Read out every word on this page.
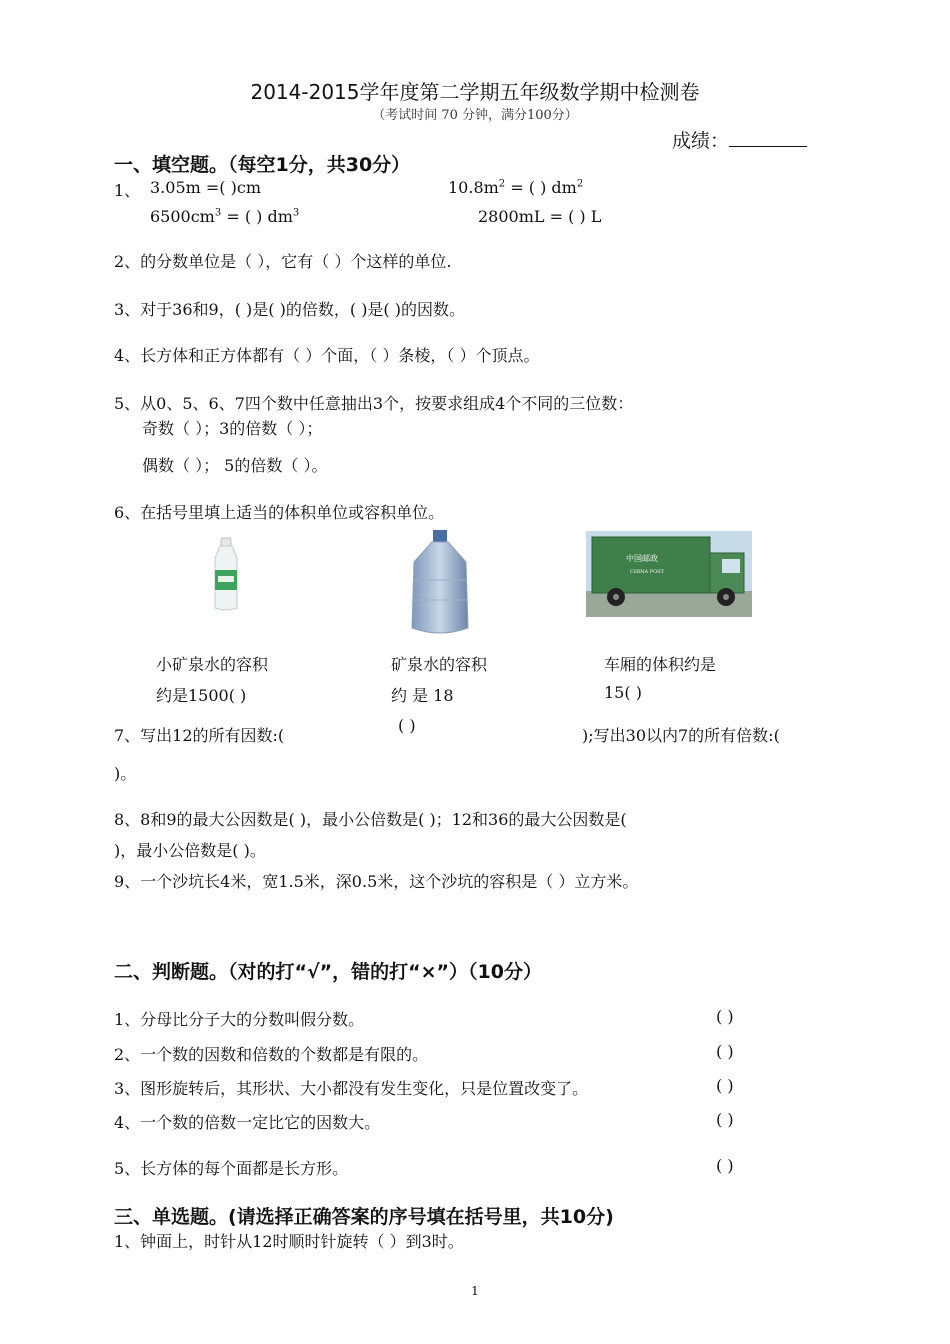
2014-2015学年度第二学期五年级数学期中检测卷
（考试时间 70 分钟，满分100分）
成绩：
一、填空题。（每空1分，共30分）
1、 3.05m =( )cm	$10.8m^2$ = ( ) $dm^2$
$6500cm^3$ = ( ) $dm^3$	2800mL = ( ) L
2、的分数单位是（ ），它有（ ）个这样的单位.
3、对于36和9，( )是( )的倍数，( )是( )的因数。
4、长方体和正方体都有（ ）个面，（ ）条棱，（ ）个顶点。
5、从0、5、6、7四个数中任意抽出3个，按要求组成4个不同的三位数：
奇数（ ）；3的倍数（ ）；
偶数（ ）； 5的倍数（ ）。
6、在括号里填上适当的体积单位或容积单位。
中国邮政
CHINA POST
小矿泉水的容积
约是1500( )
矿泉水的容积
约 是 18
( )
车厢的体积约是
15( )
7、写出12的所有因数:(	);写出30以内7的所有倍数:(
)。
8、8和9的最大公因数是( )，最小公倍数是( )；12和36的最大公因数是(
)，最小公倍数是( )。
9、一个沙坑长4米，宽1.5米，深0.5米，这个沙坑的容积是（ ）立方米。
二、判断题。（对的打“√”，错的打“×”）（10分）
1、分母比分子大的分数叫假分数。	( )
2、一个数的因数和倍数的个数都是有限的。	( )
3、图形旋转后，其形状、大小都没有发生变化，只是位置改变了。	( )
4、一个数的倍数一定比它的因数大。	( )
5、长方体的每个面都是长方形。	( )
三、单选题。(请选择正确答案的序号填在括号里，共10分)
1、钟面上，时针从12时顺时针旋转（ ）到3时。
1
